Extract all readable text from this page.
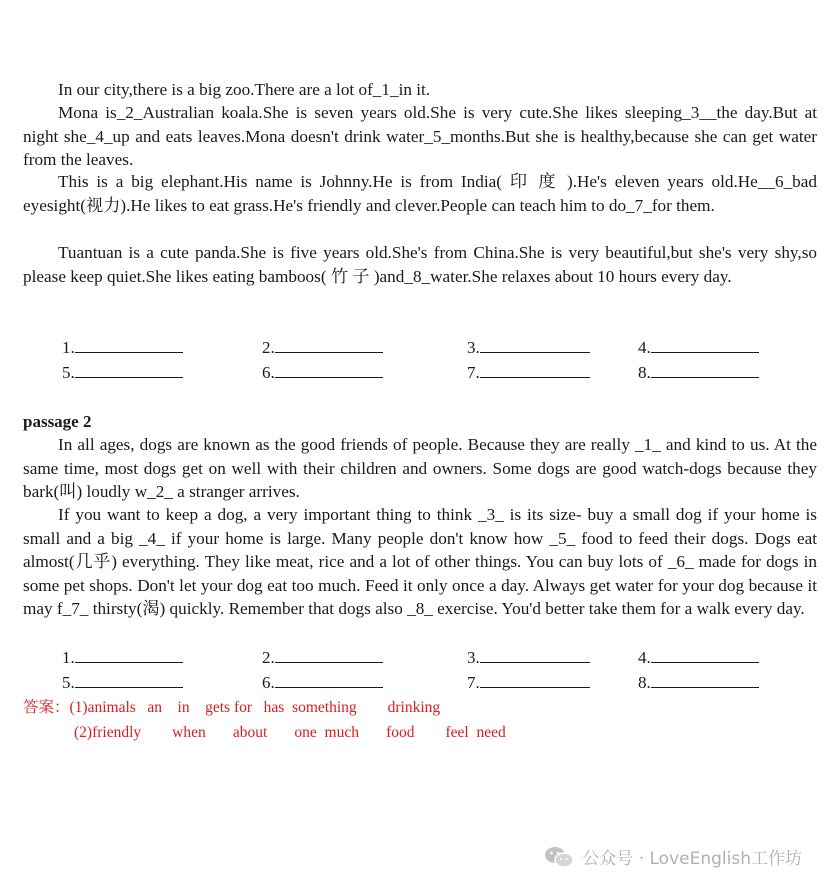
In our city,there is a big zoo.There are a lot of_1_in it.

Mona is_2_Australian koala.She is seven years old.She is very cute.She likes sleeping_3__the day.But at night she_4_up and eats leaves.Mona doesn't drink water_5_months.But she is healthy,because she can get water from the leaves.

This is a big elephant.His name is Johnny.He is from India( 印 度 ).He's eleven years old.He__6_bad eyesight(视力).He likes to eat grass.He's friendly and clever.People can teach him to do_7_for them.

Tuantuan is a cute panda.She is five years old.She's from China.She is very beautiful,but she's very shy,so please keep quiet.She likes eating bamboos( 竹 子 )and_8_water.She relaxes about 10 hours every day.

1.	2.	3.	4.
5.	6.	7.	8.

passage 2

In all ages, dogs are known as the good friends of people. Because they are really _1_ and kind to us. At the same time, most dogs get on well with their children and owners. Some dogs are good watch-dogs because they bark(叫) loudly w_2_ a stranger arrives.

If you want to keep a dog, a very important thing to think _3_ is its size- buy a small dog if your home is small and a big _4_ if your home is large. Many people don't know how _5_ food to feed their dogs. Dogs eat almost(几乎) everything. They like meat, rice and a lot of other things. You can buy lots of _6_ made for dogs in some pet shops. Don't let your dog eat too much. Feed it only once a day. Always get water for your dog because it may f_7_ thirsty(渴) quickly. Remember that dogs also _8_ exercise. You'd better take them for a walk every day.

1.	2.	3.	4.
5.	6.	7.	8.
答案：(1)animals   an    in    gets for   has  something        drinking
(2)friendly        when       about       one  much       food        feel  need
公众号 · LoveEnglish工作坊
